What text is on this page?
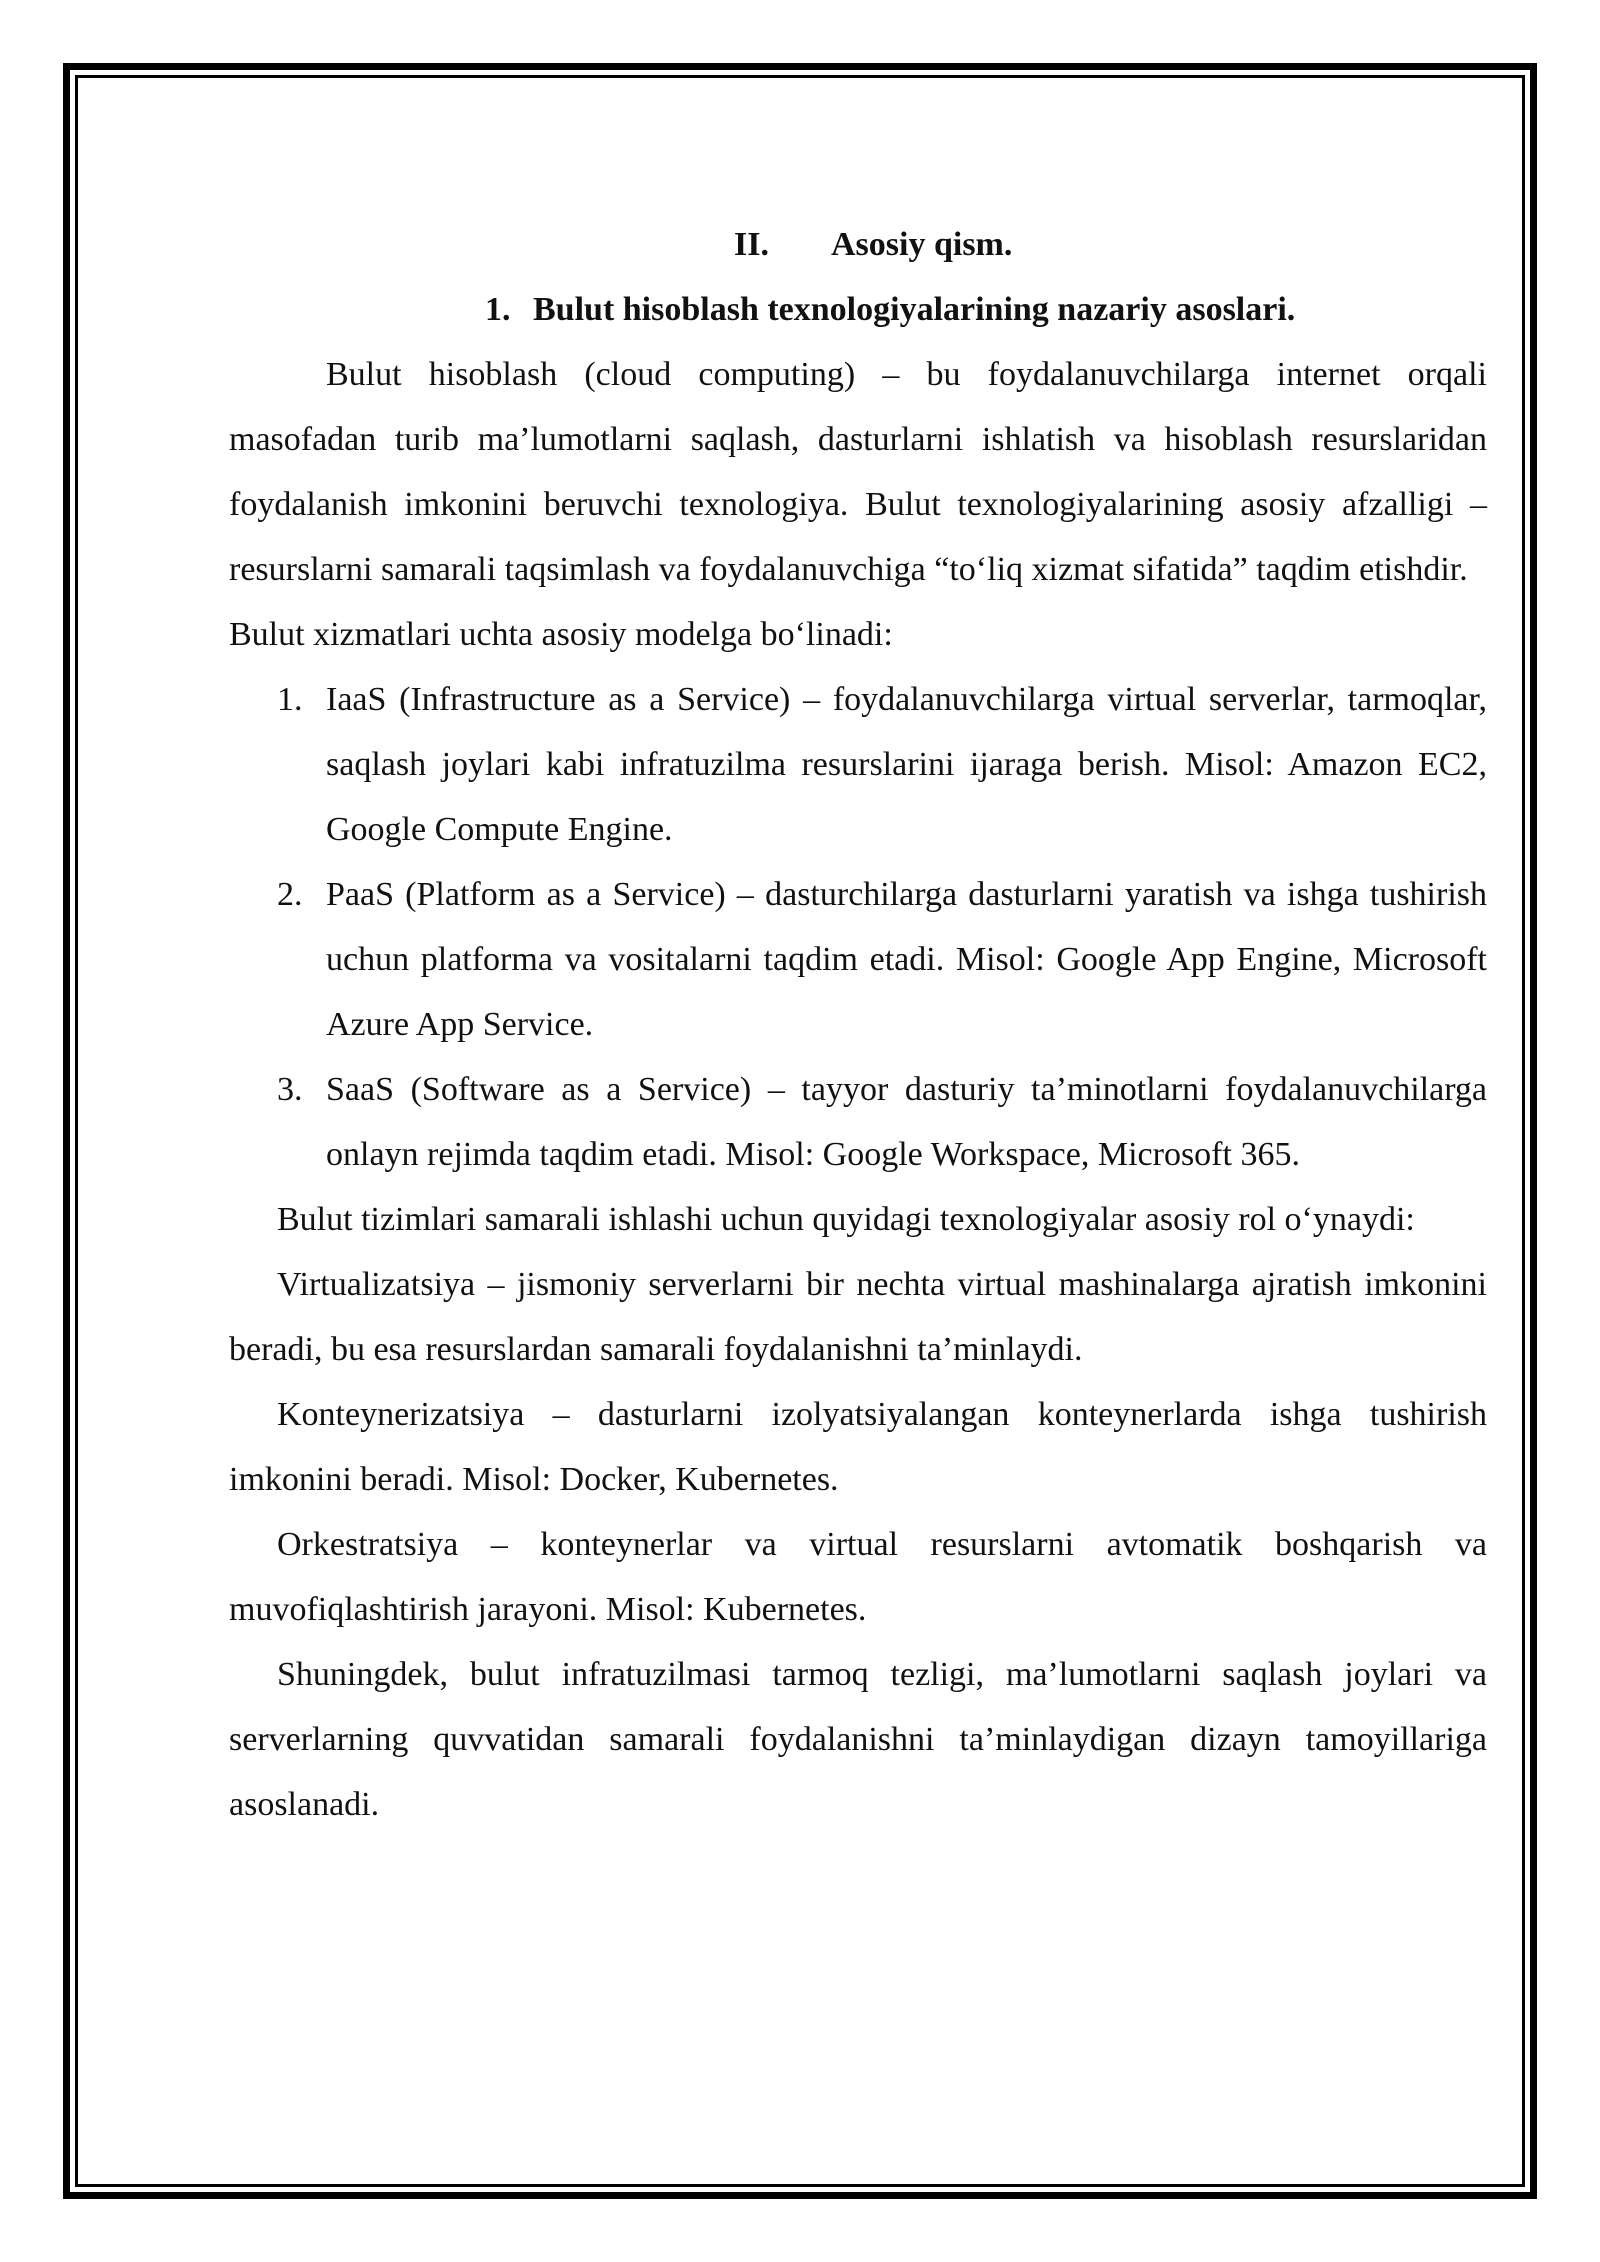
II. Asosiy qism.
1. Bulut hisoblash texnologiyalarining nazariy asoslari.

Bulut hisoblash (cloud computing) – bu foydalanuvchilarga internet orqali masofadan turib ma’lumotlarni saqlash, dasturlarni ishlatish va hisoblash resurslaridan foydalanish imkonini beruvchi texnologiya. Bulut texnologiyalarining asosiy afzalligi – resurslarni samarali taqsimlash va foydalanuvchiga “to‘liq xizmat sifatida” taqdim etishdir.

Bulut xizmatlari uchta asosiy modelga bo‘linadi:

1. IaaS (Infrastructure as a Service) – foydalanuvchilarga virtual serverlar, tarmoqlar, saqlash joylari kabi infratuzilma resurslarini ijaraga berish. Misol: Amazon EC2, Google Compute Engine.
2. PaaS (Platform as a Service) – dasturchilarga dasturlarni yaratish va ishga tushirish uchun platforma va vositalarni taqdim etadi. Misol: Google App Engine, Microsoft Azure App Service.
3. SaaS (Software as a Service) – tayyor dasturiy ta’minotlarni foydalanuvchilarga onlayn rejimda taqdim etadi. Misol: Google Workspace, Microsoft 365.

Bulut tizimlari samarali ishlashi uchun quyidagi texnologiyalar asosiy rol o‘ynaydi:

Virtualizatsiya – jismoniy serverlarni bir nechta virtual mashinalarga ajratish imkonini beradi, bu esa resurslardan samarali foydalanishni ta’minlaydi.

Konteynerizatsiya – dasturlarni izolyatsiyalangan konteynerlarda ishga tushirish imkonini beradi. Misol: Docker, Kubernetes.

Orkestratsiya – konteynerlar va virtual resurslarni avtomatik boshqarish va muvofiqlashtirish jarayoni. Misol: Kubernetes.

Shuningdek, bulut infratuzilmasi tarmoq tezligi, ma’lumotlarni saqlash joylari va serverlarning quvvatidan samarali foydalanishni ta’minlaydigan dizayn tamoyillariga asoslanadi.
